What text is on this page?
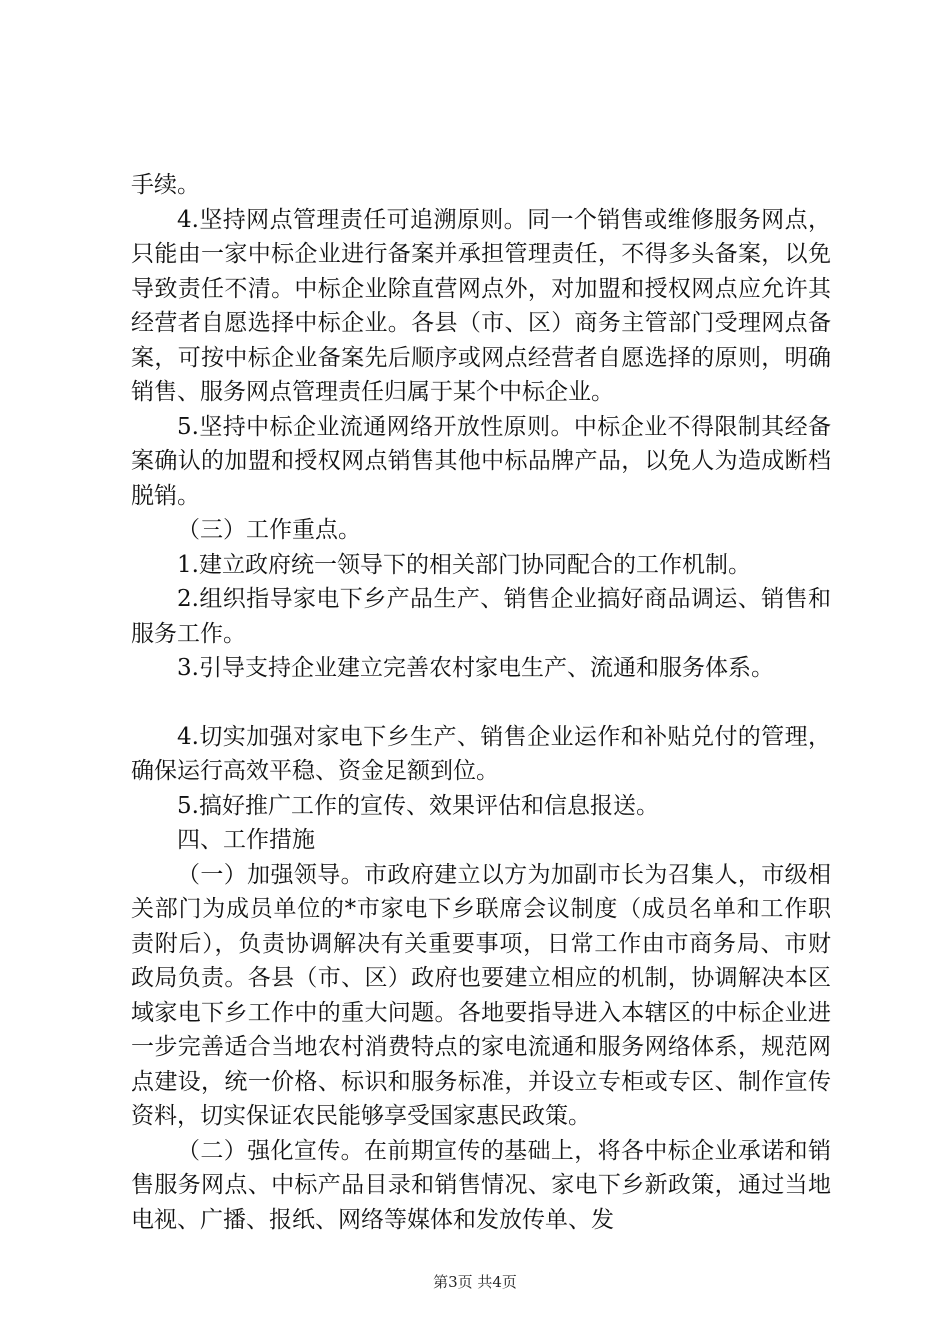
手续。

4.坚持网点管理责任可追溯原则。同一个销售或维修服务网点，只能由一家中标企业进行备案并承担管理责任，不得多头备案，以免导致责任不清。中标企业除直营网点外，对加盟和授权网点应允许其经营者自愿选择中标企业。各县（市、区）商务主管部门受理网点备案，可按中标企业备案先后顺序或网点经营者自愿选择的原则，明确销售、服务网点管理责任归属于某个中标企业。

5.坚持中标企业流通网络开放性原则。中标企业不得限制其经备案确认的加盟和授权网点销售其他中标品牌产品，以免人为造成断档脱销。

（三）工作重点。

1.建立政府统一领导下的相关部门协同配合的工作机制。

2.组织指导家电下乡产品生产、销售企业搞好商品调运、销售和服务工作。

3.引导支持企业建立完善农村家电生产、流通和服务体系。

4.切实加强对家电下乡生产、销售企业运作和补贴兑付的管理，确保运行高效平稳、资金足额到位。

5.搞好推广工作的宣传、效果评估和信息报送。

四、工作措施

（一）加强领导。市政府建立以方为加副市长为召集人，市级相关部门为成员单位的*市家电下乡联席会议制度（成员名单和工作职责附后），负责协调解决有关重要事项，日常工作由市商务局、市财政局负责。各县（市、区）政府也要建立相应的机制，协调解决本区域家电下乡工作中的重大问题。各地要指导进入本辖区的中标企业进一步完善适合当地农村消费特点的家电流通和服务网络体系，规范网点建设，统一价格、标识和服务标准，并设立专柜或专区、制作宣传资料，切实保证农民能够享受国家惠民政策。

（二）强化宣传。在前期宣传的基础上，将各中标企业承诺和销售服务网点、中标产品目录和销售情况、家电下乡新政策，通过当地电视、广播、报纸、网络等媒体和发放传单、发

第3页 共4页
